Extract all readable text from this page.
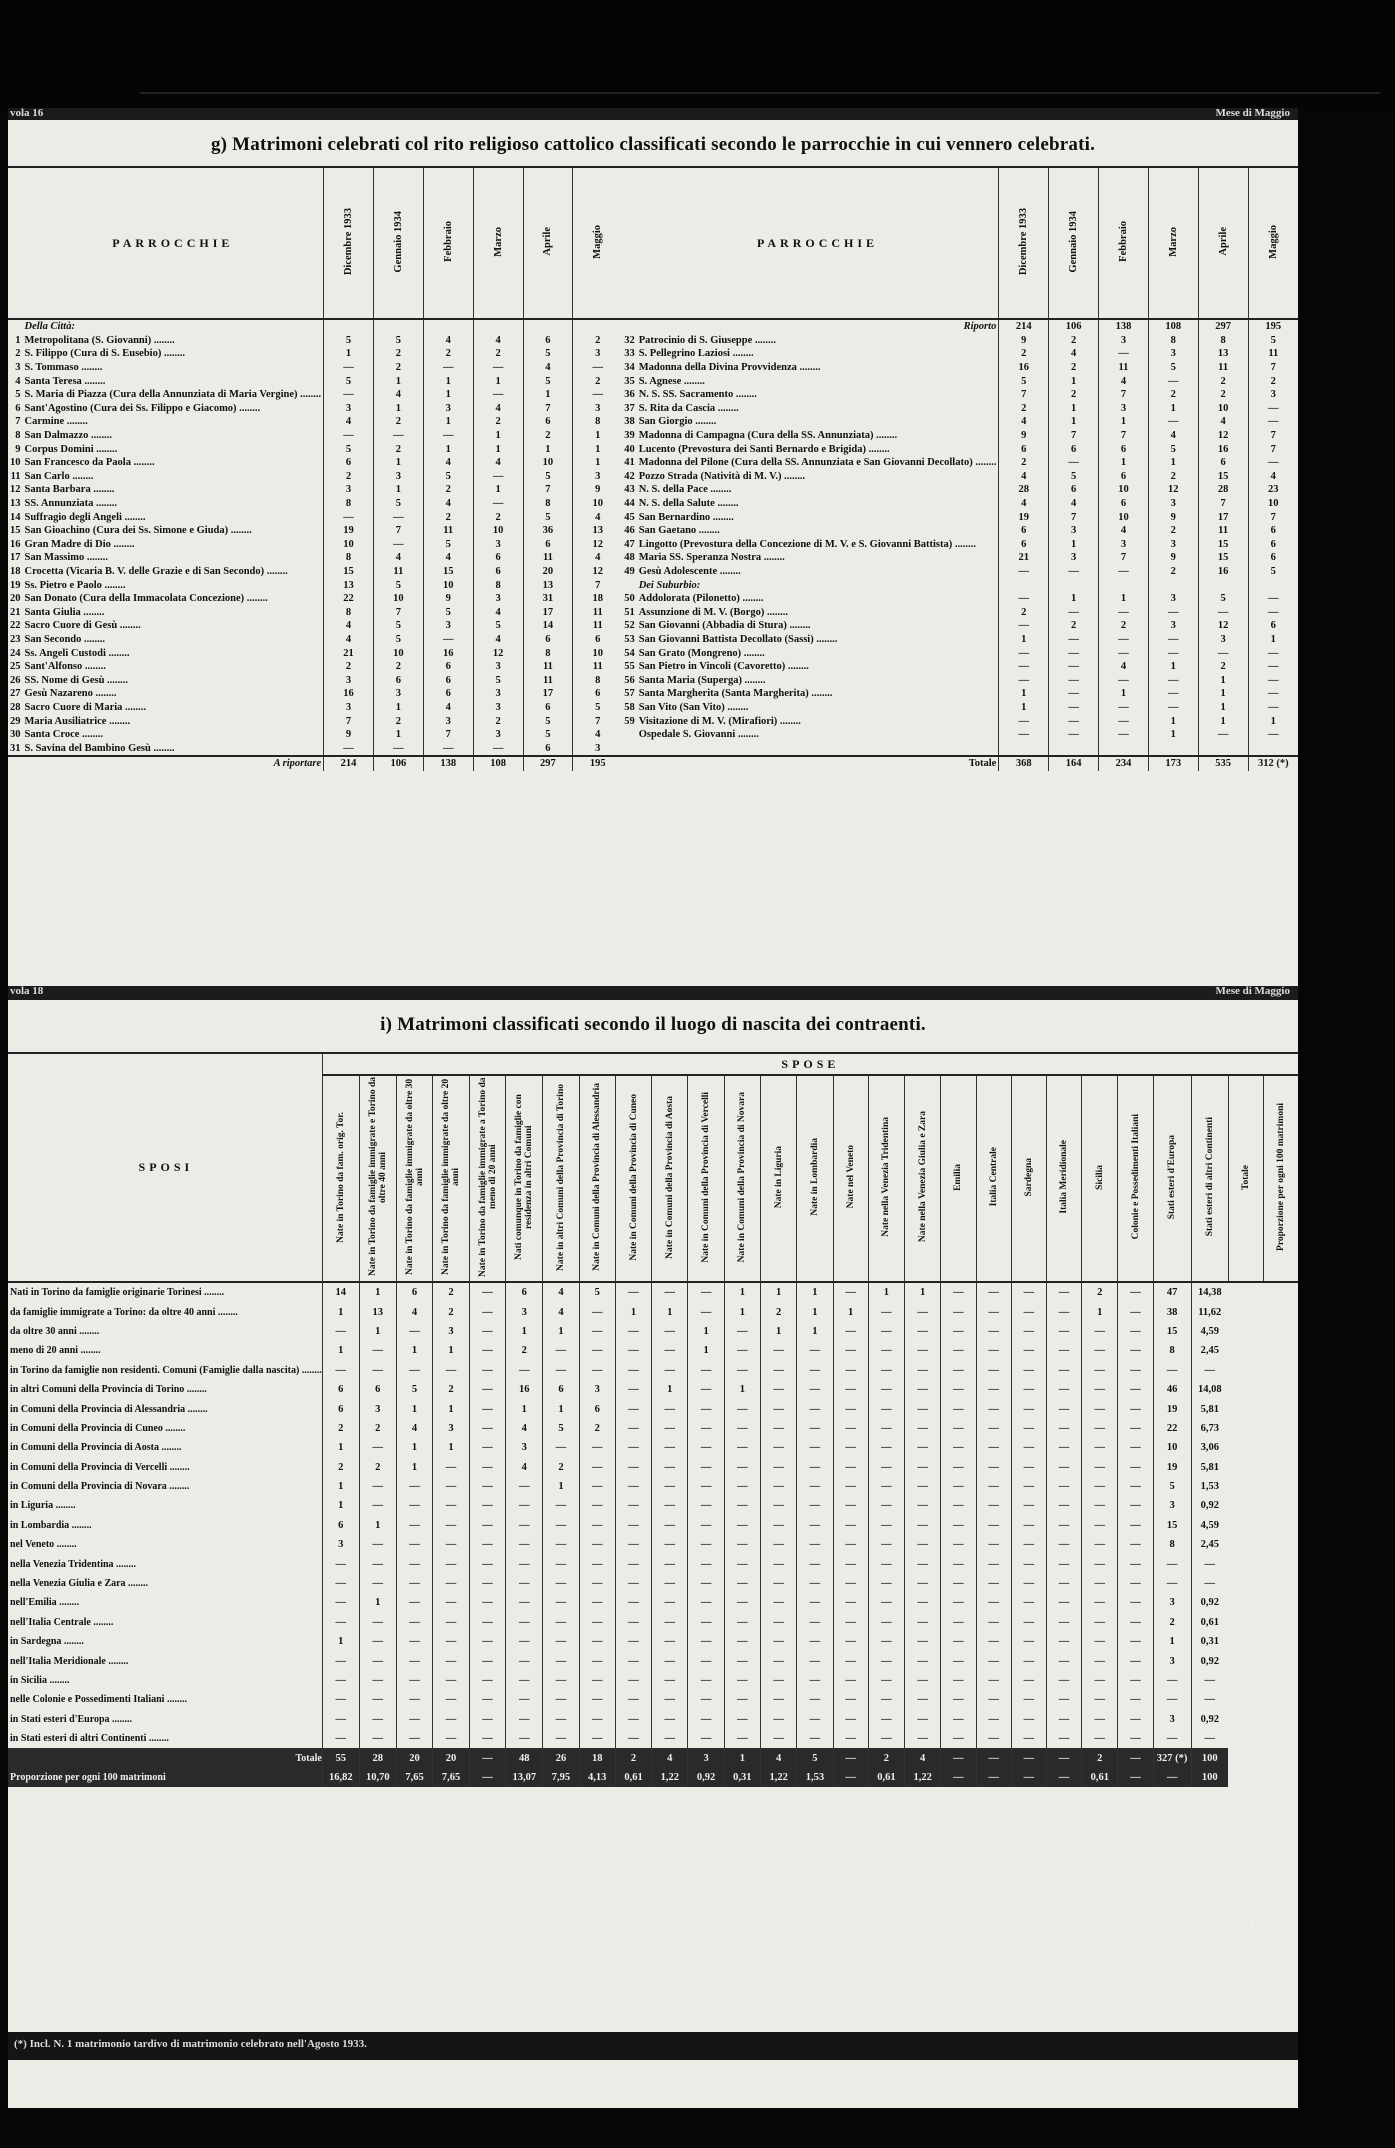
vola 16	Mese di Maggio
g) Matrimoni celebrati col rito religioso cattolico classificati secondo le parrocchie in cui vennero celebrati.
	PARROCCHIE	Dicembre 1933	Gennaio 1934	Febbraio	Marzo	Aprile	Maggio		PARROCCHIE	Dicembre 1933	Gennaio 1934	Febbraio	Marzo	Aprile	Maggio
	Della Città:								Riporto	214	106	138	108	297	195
1	Metropolitana (S. Giovanni) ........	5	5	4	4	6	2	32	Patrocinio di S. Giuseppe ........	9	2	3	8	8	5
2	S. Filippo (Cura di S. Eusebio) ........	1	2	2	2	5	3	33	S. Pellegrino Laziosi ........	2	4	—	3	13	11
3	S. Tommaso ........	—	2	—	—	4	—	34	Madonna della Divina Provvidenza ........	16	2	11	5	11	7
4	Santa Teresa ........	5	1	1	1	5	2	35	S. Agnese ........	5	1	4	—	2	2
5	S. Maria di Piazza (Cura della Annunziata di Maria Vergine) ........	—	4	1	—	1	—	36	N. S. SS. Sacramento ........	7	2	7	2	2	3
6	Sant'Agostino (Cura dei Ss. Filippo e Giacomo) ........	3	1	3	4	7	3	37	S. Rita da Cascia ........	2	1	3	1	10	—
7	Carmine ........	4	2	1	2	6	8	38	San Giorgio ........	4	1	1	—	4	—
8	San Dalmazzo ........	—	—	—	1	2	1	39	Madonna di Campagna (Cura della SS. Annunziata) ........	9	7	7	4	12	7
9	Corpus Domini ........	5	2	1	1	1	1	40	Lucento (Prevostura dei Santi Bernardo e Brigida) ........	6	6	6	5	16	7
10	San Francesco da Paola ........	6	1	4	4	10	1	41	Madonna del Pilone (Cura della SS. Annunziata e San Giovanni Decollato) ........	2	—	1	1	6	—
11	San Carlo ........	2	3	5	—	5	3	42	Pozzo Strada (Natività di M. V.) ........	4	5	6	2	15	4
12	Santa Barbara ........	3	1	2	1	7	9	43	N. S. della Pace ........	28	6	10	12	28	23
13	SS. Annunziata ........	8	5	4	—	8	10	44	N. S. della Salute ........	4	4	6	3	7	10
14	Suffragio degli Angeli ........	—	—	2	2	5	4	45	San Bernardino ........	19	7	10	9	17	7
15	San Gioachino (Cura dei Ss. Simone e Giuda) ........	19	7	11	10	36	13	46	San Gaetano ........	6	3	4	2	11	6
16	Gran Madre di Dio ........	10	—	5	3	6	12	47	Lingotto (Prevostura della Concezione di M. V. e S. Giovanni Battista) ........	6	1	3	3	15	6
17	San Massimo ........	8	4	4	6	11	4	48	Maria SS. Speranza Nostra ........	21	3	7	9	15	6
18	Crocetta (Vicaria B. V. delle Grazie e di San Secondo) ........	15	11	15	6	20	12	49	Gesù Adolescente ........	—	—	—	2	16	5
19	Ss. Pietro e Paolo ........	13	5	10	8	13	7		Dei Suburbio:						
20	San Donato (Cura della Immacolata Concezione) ........	22	10	9	3	31	18	50	Addolorata (Pilonetto) ........	—	1	1	3	5	—
21	Santa Giulia ........	8	7	5	4	17	11	51	Assunzione di M. V. (Borgo) ........	2	—	—	—	—	—
22	Sacro Cuore di Gesù ........	4	5	3	5	14	11	52	San Giovanni (Abbadia di Stura) ........	—	2	2	3	12	6
23	San Secondo ........	4	5	—	4	6	6	53	San Giovanni Battista Decollato (Sassi) ........	1	—	—	—	3	1
24	Ss. Angeli Custodi ........	21	10	16	12	8	10	54	San Grato (Mongreno) ........	—	—	—	—	—	—
25	Sant'Alfonso ........	2	2	6	3	11	11	55	San Pietro in Vincoli (Cavoretto) ........	—	—	4	1	2	—
26	SS. Nome di Gesù ........	3	6	6	5	11	8	56	Santa Maria (Superga) ........	—	—	—	—	1	—
27	Gesù Nazareno ........	16	3	6	3	17	6	57	Santa Margherita (Santa Margherita) ........	1	—	1	—	1	—
28	Sacro Cuore di Maria ........	3	1	4	3	6	5	58	San Vito (San Vito) ........	1	—	—	—	1	—
29	Maria Ausiliatrice ........	7	2	3	2	5	7	59	Visitazione di M. V. (Mirafiori) ........	—	—	—	1	1	1
30	Santa Croce ........	9	1	7	3	5	4		Ospedale S. Giovanni ........	—	—	—	1	—	—
31	S. Savina del Bambino Gesù ........	—	—	—	—	6	3								
	A riportare	214	106	138	108	297	195		Totale	368	164	234	173	535	312 (*)
vola 18	Mese di Maggio
i) Matrimoni classificati secondo il luogo di nascita dei contraenti.
SPOSI	SPOSE																										
	Nate in Torino da fam. orig. Tor.	Nate in Torino da famiglie immigrate e Torino da oltre 40 anni	Nate in Torino da famiglie immigrate da oltre 30 anni	Nate in Torino da famiglie immigrate da oltre 20 anni	Nate in Torino da famiglie immigrate a Torino da meno di 20 anni	Nati comunque in Torino da famiglie con residenza in altri Comuni	Nate in altri Comuni della Provincia di Torino	Nate in Comuni della Provincia di Alessandria	Nate in Comuni della Provincia di Cuneo	Nate in Comuni della Provincia di Aosta	Nate in Comuni della Provincia di Vercelli	Nate in Comuni della Provincia di Novara	Nate in Liguria	Nate in Lombardia	Nate nel Veneto	Nate nella Venezia Tridentina	Nate nella Venezia Giulia e Zara	Emilia	Italia Centrale	Sardegna	Italia Meridionale	Sicilia	Colonie e Possedimenti Italiani	Stati esteri d'Europa	Stati esteri di altri Continenti	Totale	Proporzione per ogni 100 matrimoni
Nati in Torino da famiglie originarie Torinesi ........	14	1	6	2	—	6	4	5	—	—	—	1	1	1	—	1	1	—	—	—	—	2	—	47	14,38		
da famiglie immigrate a Torino: da oltre 40 anni ........	1	13	4	2	—	3	4	—	1	1	—	1	2	1	1	—	—	—	—	—	—	1	—	38	11,62		
da oltre 30 anni ........	—	1	—	3	—	1	1	—	—	—	1	—	1	1	—	—	—	—	—	—	—	—	—	15	4,59		
meno di 20 anni ........	1	—	1	1	—	2	—	—	—	—	1	—	—	—	—	—	—	—	—	—	—	—	—	8	2,45		
in Torino da famiglie non residenti. Comuni (Famiglie dalla nascita) ........	—	—	—	—	—	—	—	—	—	—	—	—	—	—	—	—	—	—	—	—	—	—	—	—	—		
in altri Comuni della Provincia di Torino ........	6	6	5	2	—	16	6	3	—	1	—	1	—	—	—	—	—	—	—	—	—	—	—	46	14,08		
in Comuni della Provincia di Alessandria ........	6	3	1	1	—	1	1	6	—	—	—	—	—	—	—	—	—	—	—	—	—	—	—	19	5,81		
in Comuni della Provincia di Cuneo ........	2	2	4	3	—	4	5	2	—	—	—	—	—	—	—	—	—	—	—	—	—	—	—	22	6,73		
in Comuni della Provincia di Aosta ........	1	—	1	1	—	3	—	—	—	—	—	—	—	—	—	—	—	—	—	—	—	—	—	10	3,06		
in Comuni della Provincia di Vercelli ........	2	2	1	—	—	4	2	—	—	—	—	—	—	—	—	—	—	—	—	—	—	—	—	19	5,81		
in Comuni della Provincia di Novara ........	1	—	—	—	—	—	1	—	—	—	—	—	—	—	—	—	—	—	—	—	—	—	—	5	1,53		
in Liguria ........	1	—	—	—	—	—	—	—	—	—	—	—	—	—	—	—	—	—	—	—	—	—	—	3	0,92		
in Lombardia ........	6	1	—	—	—	—	—	—	—	—	—	—	—	—	—	—	—	—	—	—	—	—	—	15	4,59		
nel Veneto ........	3	—	—	—	—	—	—	—	—	—	—	—	—	—	—	—	—	—	—	—	—	—	—	8	2,45		
nella Venezia Tridentina ........	—	—	—	—	—	—	—	—	—	—	—	—	—	—	—	—	—	—	—	—	—	—	—	—	—		
nella Venezia Giulia e Zara ........	—	—	—	—	—	—	—	—	—	—	—	—	—	—	—	—	—	—	—	—	—	—	—	—	—		
nell'Emilia ........	—	1	—	—	—	—	—	—	—	—	—	—	—	—	—	—	—	—	—	—	—	—	—	3	0,92		
nell'Italia Centrale ........	—	—	—	—	—	—	—	—	—	—	—	—	—	—	—	—	—	—	—	—	—	—	—	2	0,61		
in Sardegna ........	1	—	—	—	—	—	—	—	—	—	—	—	—	—	—	—	—	—	—	—	—	—	—	1	0,31		
nell'Italia Meridionale ........	—	—	—	—	—	—	—	—	—	—	—	—	—	—	—	—	—	—	—	—	—	—	—	3	0,92		
in Sicilia ........	—	—	—	—	—	—	—	—	—	—	—	—	—	—	—	—	—	—	—	—	—	—	—	—	—		
nelle Colonie e Possedimenti Italiani ........	—	—	—	—	—	—	—	—	—	—	—	—	—	—	—	—	—	—	—	—	—	—	—	—	—		
in Stati esteri d'Europa ........	—	—	—	—	—	—	—	—	—	—	—	—	—	—	—	—	—	—	—	—	—	—	—	3	0,92		
in Stati esteri di altri Continenti ........	—	—	—	—	—	—	—	—	—	—	—	—	—	—	—	—	—	—	—	—	—	—	—	—	—		
Totale	55	28	20	20	—	48	26	18	2	4	3	1	4	5	—	2	4	—	—	—	—	2	—	327 (*)	100		
Proporzione per ogni 100 matrimoni	16,82	10,70	7,65	7,65	—	13,07	7,95	4,13	0,61	1,22	0,92	0,31	1,22	1,53	—	0,61	1,22	—	—	—	—	0,61	—	—	100		
(*) Incl. N. 1 matrimonio tardivo di matrimonio celebrato nell'Agosto 1933.
35
